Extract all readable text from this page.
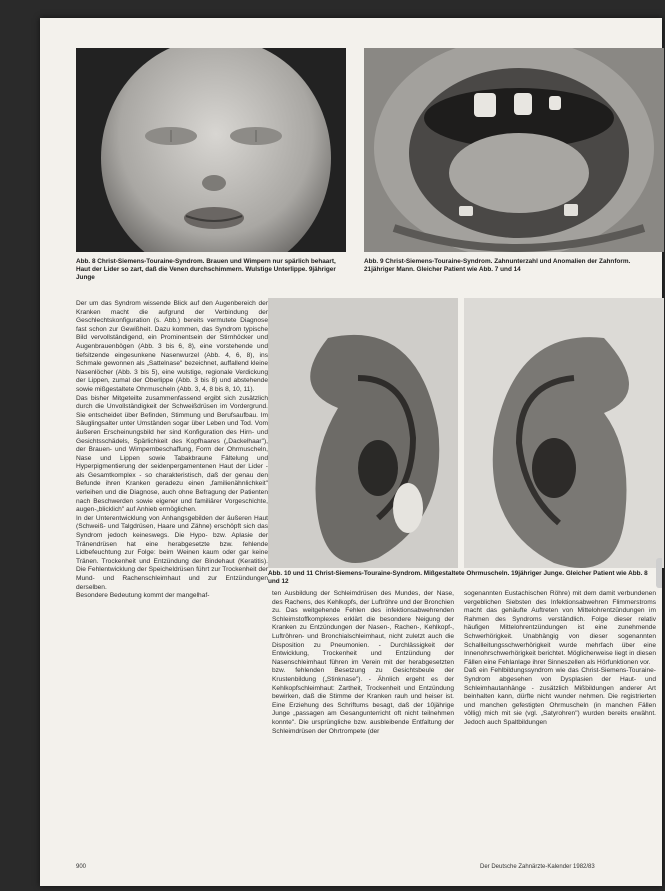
Abb. 8 Christ-Siemens-Touraine-Syndrom. Brauen und Wimpern nur spärlich behaart, Haut der Lider so zart, daß die Venen durchschimmern. Wulstige Unterlippe. 9jähriger Junge
Abb. 9 Christ-Siemens-Touraine-Syndrom. Zahnunterzahl und Anomalien der Zahnform. 21jähriger Mann. Gleicher Patient wie Abb. 7 und 14
Der um das Syndrom wissende Blick auf den Augenbereich der Kranken macht die aufgrund der Verbindung der Geschlechtskonfiguration (s. Abb.) bereits vermutete Diagnose fast schon zur Gewißheit. Dazu kommen, das Syndrom typische Bild vervollständigend, ein Prominentsein der Stirnhöcker und Augenbrauenbögen (Abb. 3 bis 6, 8), eine vorstehende und tiefsitzende eingesunkene Nasenwurzel (Abb. 4, 6, 8), ins Schmale gewonnen als „Sattelnase" bezeichnet, auffallend kleine Nasenlöcher (Abb. 3 bis 5), eine wulstige, regionale Verdickung der Lippen, zumal der Oberlippe (Abb. 3 bis 8) und abstehende sowie mißgestaltete Ohrmuscheln (Abb. 3, 4, 8 bis 8, 10, 11).
Das bisher Mitgeteilte zusammenfassend ergibt sich zusätzlich durch die Unvollständigkeit der Schweißdrüsen im Vordergrund. Sie entscheidet über Befinden, Stimmung und Berufsaufbau. Im Säuglingsalter unter Umständen sogar über Leben und Tod. Vom äußeren Erscheinungsbild her sind Konfiguration des Hirn- und Gesichtsschädels, Spärlichkeit des Kopfhaares („Dackelhaar"), der Brauen- und Wimpernbeschaffung, Form der Ohrmuscheln, Nase und Lippen sowie Tabakbraune Fältelung und Hyperpigmentierung der seidenpergamentenen Haut der Lider - als Gesamtkomplex - so charakteristisch, daß der genau den Befunde ihren Kranken geradezu einen „familienähnlichkeit" verleihen und die Diagnose, auch ohne Befragung der Patienten nach Beschwerden sowie eigener und familiärer Vorgeschichte, augen-„blicklich" auf Anhieb ermöglichen.
In der Unterentwicklung von Anhangsgebilden der äußeren Haut (Schweiß- und Talgdrüsen, Haare und Zähne) erschöpft sich das Syndrom jedoch keineswegs. Die Hypo- bzw. Aplasie der Tränendrüsen hat eine herabgesetzte bzw. fehlende Lidbefeuchtung zur Folge: beim Weinen kaum oder gar keine Tränen. Trockenheit und Entzündung der Bindehaut (Keratitis). Die Fehlentwicklung der Speicheldrüsen führt zur Trockenheit der Mund- und Rachenschleimhaut und zur Entzündungen derselben.
Besondere Bedeutung kommt der mangelhaf-
Abb. 10 und 11 Christ-Siemens-Touraine-Syndrom. Mißgestaltete Ohrmuscheln. 19jähriger Junge. Gleicher Patient wie Abb. 8 und 12
ten Ausbildung der Schleimdrüsen des Mundes, der Nase, des Rachens, des Kehlkopfs, der Luftröhre und der Bronchien zu. Das weitgehende Fehlen des infektionsabwehrenden Schleimstoffkomplexes erklärt die besondere Neigung der Kranken zu Entzündungen der Nasen-, Rachen-, Kehlkopf-, Luftröhren- und Bronchialschleimhaut, nicht zuletzt auch die Disposition zu Pneumonien. - Durchlässigkeit der Entwicklung, Trockenheit und Entzündung der Nasenschleimhaut führen im Verein mit der herabgesetzten bzw. fehlenden Besetzung zu Gesichtsbeule der Krustenbildung („Stinknase"). - Ähnlich ergeht es der Kehlkopfschleimhaut: Zartheit, Trockenheit und Entzündung bewirken, daß die Stimme der Kranken rauh und heiser ist. Eine Erziehung des Schriftums besagt, daß der 10jährige Junge „passagen am Gesangunterricht oft nicht teilnehmen konnte". Die ursprüngliche bzw. ausbleibende Entfaltung der Schleimdrüsen der Ohrtrompete (der
sogenannten Eustachischen Röhre) mit dem damit verbundenen vergeblichen Siebsten des Infektionsabwehren Flimmerstroms macht das gehäufte Auftreten von Mittelohrentzündungen im Rahmen des Syndroms verständlich. Folge dieser relativ häufigen Mittelohrentzündungen ist eine zunehmende Schwerhörigkeit. Unabhängig von dieser sogenannten Schallleitungsschwerhörigkeit wurde mehrfach über eine Innenohrschwerhörigkeit berichtet. Möglicherweise liegt in diesen Fällen eine Fehlanlage ihrer Sinneszellen als Hörfunktionen vor.
Daß ein Fehlbildungssyndrom wie das Christ-Siemens-Touraine-Syndrom abgesehen von Dysplasien der Haut- und Schleimhautanhänge - zusätzlich Mißbildungen anderer Art beinhalten kann, dürfte nicht wunder nehmen. Die registrierten und manchen gefestigten Ohrmuscheln (in manchen Fällen völlig) mich mit sie (vgl. „Satyrohren") wurden bereits erwähnt. Jedoch auch Spaltbildungen
900	Der Deutsche Zahnärzte-Kalender 1982/83
